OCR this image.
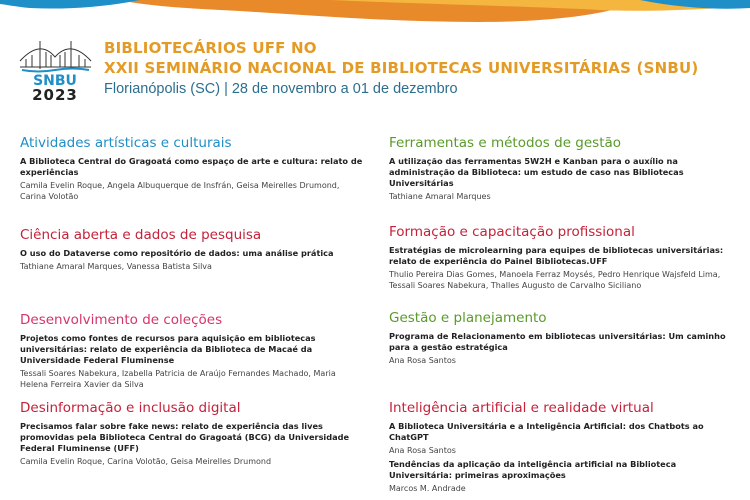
SNBU
2023
BIBLIOTECÁRIOS UFF NO
XXII SEMINÁRIO NACIONAL DE BIBLIOTECAS UNIVERSITÁRIAS (SNBU)
Florianópolis (SC) | 28 de novembro a 01 de dezembro
Atividades artísticas e culturais
A Biblioteca Central do Gragoatá como espaço de arte e cultura: relato de experiências
Camila Evelin Roque, Angela Albuquerque de Insfrán, Geisa Meirelles Drumond, Carina Volotão
Ciência aberta e dados de pesquisa
O uso do Dataverse como repositório de dados: uma análise prática
Tathiane Amaral Marques, Vanessa Batista Silva
Desenvolvimento de coleções
Projetos como fontes de recursos para aquisição em bibliotecas universitárias: relato de experiência da Biblioteca de Macaé da Universidade Federal Fluminense
Tessali Soares Nabekura, Izabella Patricia de Araújo Fernandes Machado, Maria Helena Ferreira Xavier da Silva
Desinformação e inclusão digital
Precisamos falar sobre fake news: relato de experiência das lives promovidas pela Biblioteca Central do Gragoatá (BCG) da Universidade Federal Fluminense (UFF)
Camila Evelin Roque, Carina Volotão, Geisa Meirelles Drumond
Ferramentas e métodos de gestão
A utilização das ferramentas 5W2H e Kanban para o auxílio na administração da Biblioteca: um estudo de caso nas Bibliotecas Universitárias
Tathiane Amaral Marques
Formação e capacitação profissional
Estratégias de microlearning para equipes de bibliotecas universitárias: relato de experiência do Painel Bibliotecas.UFF
Thulio Pereira Dias Gomes, Manoela Ferraz Moysés, Pedro Henrique Wajsfeld Lima, Tessali Soares Nabekura, Thalles Augusto de Carvalho Siciliano
Gestão e planejamento
Programa de Relacionamento em bibliotecas universitárias: Um caminho para a gestão estratégica
Ana Rosa Santos
Inteligência artificial e realidade virtual
A Biblioteca Universitária e a Inteligência Artificial: dos Chatbots ao ChatGPT
Ana Rosa Santos
Tendências da aplicação da inteligência artificial na Biblioteca Universitária: primeiras aproximações
Marcos M. Andrade
